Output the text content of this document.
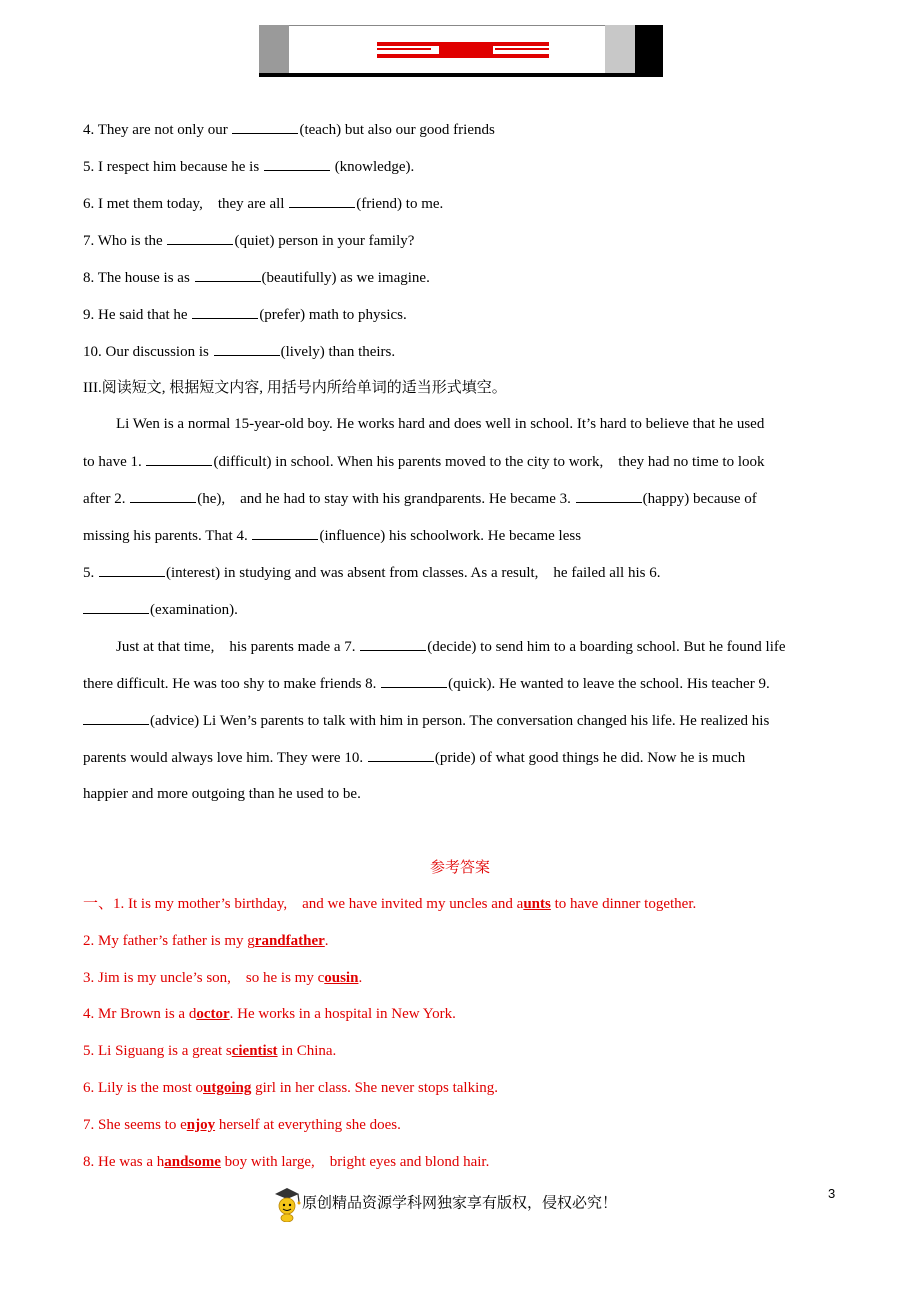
4. They are not only our	(teach) but also our good friends
5. I respect him because he is	(knowledge).
6. I met them today,    they are all	(friend) to me.
7. Who is the	(quiet) person in your family?
8. The house is as	(beautifully) as we imagine.
9. He said that he	(prefer) math to physics.
10. Our discussion is	(lively) than theirs.
III.阅读短文, 根据短文内容, 用括号内所给单词的适当形式填空。
Li Wen is a normal 15-year-old boy. He works hard and does well in school. It’s hard to believe that he used
to have 1.	(difficult) in school. When his parents moved to the city to work,    they had no time to look
after 2.	(he),    and he had to stay with his grandparents. He became 3.	(happy) because of
missing his parents. That 4.	(influence) his schoolwork. He became less
5.	(interest) in studying and was absent from classes. As a result,    he failed all his 6.
(examination).
Just at that time,    his parents made a 7.	(decide) to send him to a boarding school. But he found life
there difficult. He was too shy to make friends 8.	(quick). He wanted to leave the school. His teacher 9.
(advice) Li Wen’s parents to talk with him in person. The conversation changed his life. He realized his
parents would always love him. They were 10.	(pride) of what good things he did. Now he is much
happier and more outgoing than he used to be.
参考答案
一、1. It is my mother’s birthday,    and we have invited my uncles and aunts to have dinner together.
2. My father’s father is my grandfather.
3. Jim is my uncle’s son,    so he is my cousin.
4. Mr Brown is a doctor. He works in a hospital in New York.
5. Li Siguang is a great scientist in China.
6. Lily is the most outgoing girl in her class. She never stops talking.
7. She seems to enjoy herself at everything she does.
8. He was a handsome boy with large,    bright eyes and blond hair.
原创精品资源学科网独家享有版权，侵权必究！
3
